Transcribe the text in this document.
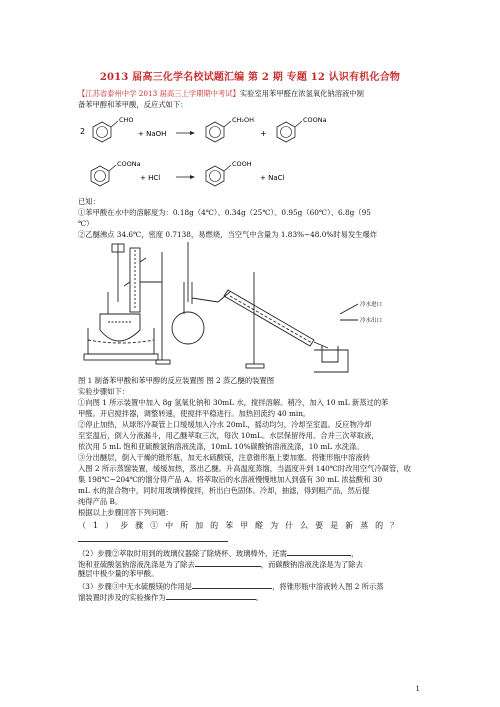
2013 届高三化学名校试题汇编 第 2 期 专题 12 认识有机化合物
【江苏省泰州中学 2013 届高三上学期期中考试】实验室用苯甲醛在浓氢氧化钠溶液中制
备苯甲醇和苯甲酸，反应式如下：
2
CHO
+ NaOH
CH₂OH
+
COONa
COONa
+ HCl
COOH
+ NaCl
已知：
①苯甲酸在水中的溶解度为：0.18g（4℃）、0.34g（25℃）、0.95g（60℃）、6.8g（95
℃）
②乙醚沸点 34.6℃，密度 0.7138，易燃烧，当空气中含量为 1.83%~48.0%时易发生爆炸
冷水进口
冷水出口
图 1 制备苯甲酸和苯甲醇的反应装置图 图 2 蒸乙醚的装置图
实验步骤如下：
①向图 1 所示装置中加入 8g 氢氧化钠和 30mL 水，搅拌溶解。稍冷，加入 10 mL 新蒸过的苯
甲醛。开启搅拌器，调整转速，使搅拌平稳进行。加热回流约 40 min。
②停止加热，从球形冷凝管上口缓缓加入冷水 20mL，摇动均匀，冷却至室温。反应物冷却
至室温后，倒入分液漏斗，用乙醚萃取三次，每次 10mL。水层保留待用。合并三次萃取液，
依次用 5 mL 饱和亚硫酸氢钠溶液洗涤，10mL 10%碳酸钠溶液洗涤，10 mL 水洗涤。
③分出醚层，倒入干燥的锥形瓶，加无水硫酸镁，注意锥形瓶上要加塞。将锥形瓶中溶液转
入图 2 所示蒸馏装置，缓缓加热，蒸出乙醚。升高温度蒸馏，当温度升到 140℃时改用空气冷凝管，收
集 198℃~204℃的馏分得产品 A。将萃取后的水溶液慢慢地加入到盛有 30 mL 浓盐酸和 30
mL 水的混合物中，同时用玻璃棒搅拌，析出白色固体。冷却，抽滤，得到粗产品，然后提
纯得产品 B。
根据以上步骤回答下列问题：
（1）步骤①中所加的苯甲醛为什么要是新蒸的？
（2）步骤②萃取时用到的玻璃仪器除了除烧杯、玻璃棒外，还需	，
饱和亚硫酸氢钠溶液洗涤是为了除去	，而碳酸钠溶液洗涤是为了除去
醚层中极少量的苯甲酸。
（3）步骤③中无水硫酸镁的作用是	，将锥形瓶中溶液转入图 2 所示蒸
馏装置时涉及的实验操作为	。
1
